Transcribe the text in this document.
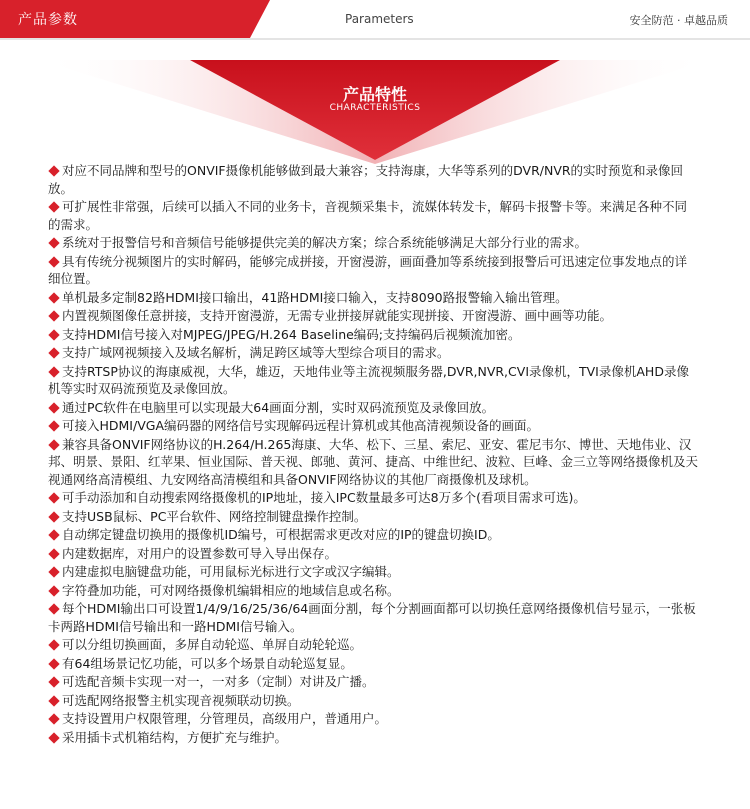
产品参数	Parameters	安全防范 · 卓越品质
产品特性
CHARACTERISTICS
对应不同品牌和型号的ONVIF摄像机能够做到最大兼容；支持海康，大华等系列的DVR/NVR的实时预览和录像回放。
可扩展性非常强，后续可以插入不同的业务卡，音视频采集卡，流媒体转发卡，解码卡报警卡等。来满足各种不同的需求。
系统对于报警信号和音频信号能够提供完美的解决方案；综合系统能够满足大部分行业的需求。
具有传统分视频图片的实时解码，能够完成拼接，开窗漫游，画面叠加等系统接到报警后可迅速定位事发地点的详细位置。
单机最多定制82路HDMI接口输出，41路HDMI接口输入，支持8090路报警输入输出管理。
内置视频图像任意拼接，支持开窗漫游，无需专业拼接屏就能实现拼接、开窗漫游、画中画等功能。
支持HDMI信号接入对MJPEG/JPEG/H.264 Baseline编码;支持编码后视频流加密。
支持广域网视频接入及域名解析，满足跨区域等大型综合项目的需求。
支持RTSP协议的海康威视，大华，雄迈，天地伟业等主流视频服务器,DVR,NVR,CVI录像机，TVI录像机AHD录像机等实时双码流预览及录像回放。
通过PC软件在电脑里可以实现最大64画面分割，实时双码流预览及录像回放。
可接入HDMI/VGA编码器的网络信号实现解码远程计算机或其他高清视频设备的画面。
兼容具备ONVIF网络协议的H.264/H.265海康、大华、松下、三星、索尼、亚安、霍尼韦尔、博世、天地伟业、汉邦、明景、景阳、红苹果、恒业国际、普天视、郎驰、黄河、捷高、中维世纪、波粒、巨峰、金三立等网络摄像机及天视通网络高清模组、九安网络高清模组和具备ONVIF网络协议的其他厂商摄像机及球机。
可手动添加和自动搜索网络摄像机的IP地址，接入IPC数量最多可达8万多个(看项目需求可选)。
支持USB鼠标、PC平台软件、网络控制键盘操作控制。
自动绑定键盘切换用的摄像机ID编号，可根据需求更改对应的IP的键盘切换ID。
内建数据库，对用户的设置参数可导入导出保存。
内建虚拟电脑键盘功能，可用鼠标光标进行文字或汉字编辑。
字符叠加功能，可对网络摄像机编辑相应的地域信息或名称。
每个HDMI输出口可设置1/4/9/16/25/36/64画面分割，每个分割画面都可以切换任意网络摄像机信号显示，一张板卡两路HDMI信号输出和一路HDMI信号输入。
可以分组切换画面，多屏自动轮巡、单屏自动轮轮巡。
有64组场景记忆功能，可以多个场景自动轮巡复显。
可选配音频卡实现一对一，一对多（定制）对讲及广播。
可选配网络报警主机实现音视频联动切换。
支持设置用户权限管理，分管理员，高级用户，普通用户。
采用插卡式机箱结构，方便扩充与维护。
